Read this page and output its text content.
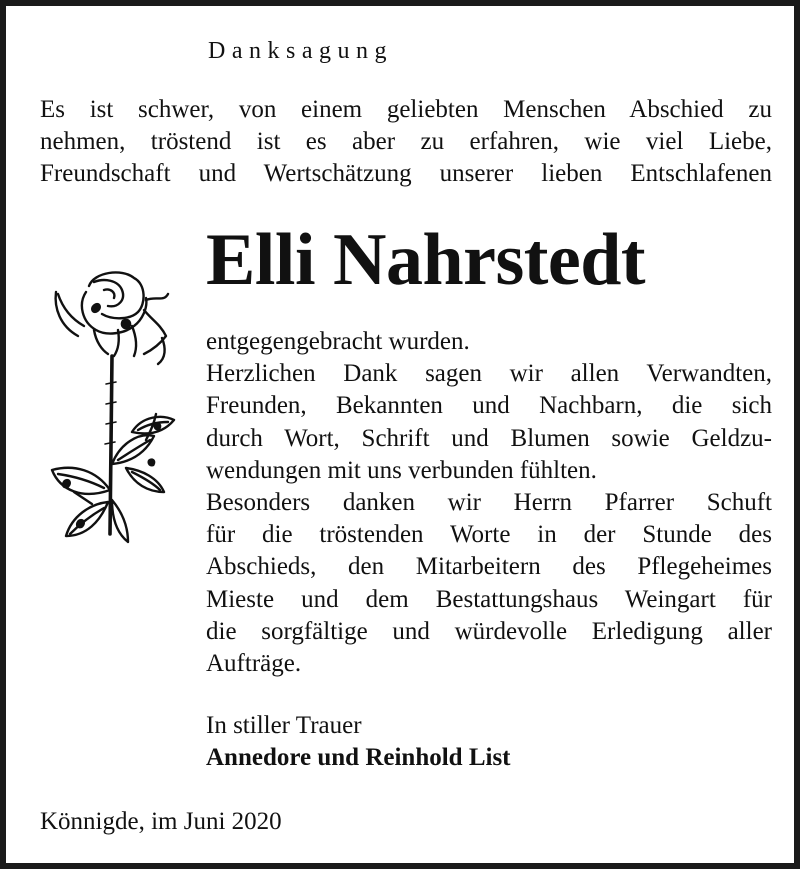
Danksagung
Es ist schwer, von einem geliebten Menschen Abschied zu
nehmen, tröstend ist es aber zu erfahren, wie viel Liebe,
Freundschaft und Wertschätzung unserer lieben Entschlafenen
Elli Nahrstedt
entgegengebracht wurden.
Herzlichen Dank sagen wir allen Verwandten,
Freunden, Bekannten und Nachbarn, die sich
durch Wort, Schrift und Blumen sowie Geldzu-
wendungen mit uns verbunden fühlten.
Besonders danken wir Herrn Pfarrer Schuft
für die tröstenden Worte in der Stunde des
Abschieds, den Mitarbeitern des Pflegeheimes
Mieste und dem Bestattungshaus Weingart für
die sorgfältige und würdevolle Erledigung aller
Aufträge.
In stiller Trauer
Annedore und Reinhold List
Könnigde, im Juni 2020
